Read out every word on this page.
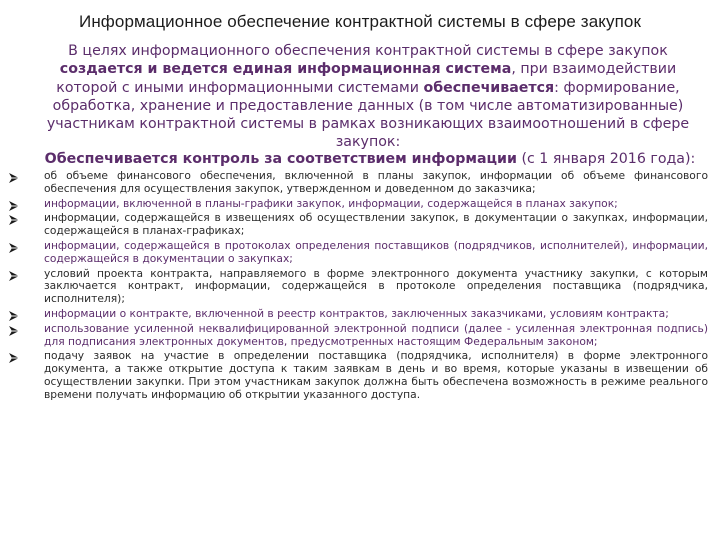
Информационное обеспечение контрактной системы в сфере закупок
В целях информационного обеспечения контрактной системы в сфере закупок создается и ведется единая информационная система, при взаимодействии которой с иными информационными системами обеспечивается: формирование, обработка, хранение и предоставление данных (в том числе автоматизированные) участникам контрактной системы в рамках возникающих взаимоотношений в сфере закупок:
Обеспечивается контроль за соответствием информации (с 1 января 2016 года):
об объеме финансового обеспечения, включенной в планы закупок, информации об объеме финансового обеспечения для осуществления закупок, утвержденном и доведенном до заказчика;
информации, включенной в планы-графики закупок, информации, содержащейся в планах закупок;
информации, содержащейся в извещениях об осуществлении закупок, в документации о закупках, информации, содержащейся в планах-графиках;
информации, содержащейся в протоколах определения поставщиков (подрядчиков, исполнителей), информации, содержащейся в документации о закупках;
условий проекта контракта, направляемого в форме электронного документа участнику закупки, с которым заключается контракт, информации, содержащейся в протоколе определения поставщика (подрядчика, исполнителя);
информации о контракте, включенной в реестр контрактов, заключенных заказчиками, условиям контракта;
использование усиленной неквалифицированной электронной подписи (далее - усиленная электронная подпись) для подписания электронных документов, предусмотренных настоящим Федеральным законом;
подачу заявок на участие в определении поставщика (подрядчика, исполнителя) в форме электронного документа, а также открытие доступа к таким заявкам в день и во время, которые указаны в извещении об осуществлении закупки. При этом участникам закупок должна быть обеспечена возможность в режиме реального времени получать информацию об открытии указанного доступа.
